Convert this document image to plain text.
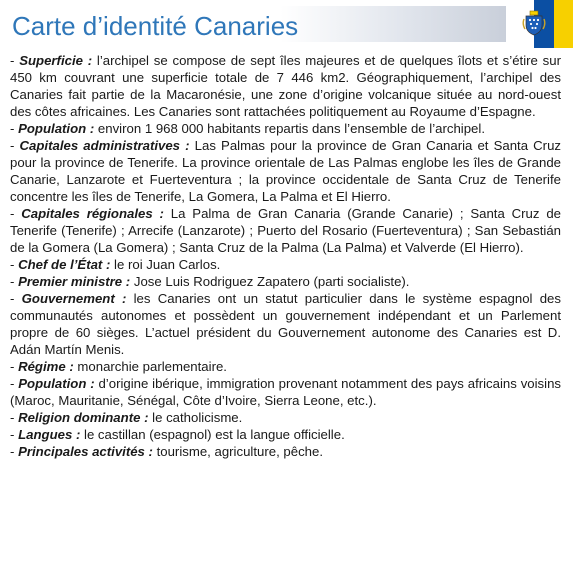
Carte d’identité Canaries
- Superficie : l’archipel se compose de sept îles majeures et de quelques îlots et s’étire sur 450 km couvrant une superficie totale de 7 446 km2. Géographiquement, l’archipel des Canaries fait partie de la Macaronésie, une zone d’origine volcanique située au nord-ouest des côtes africaines. Les Canaries sont rattachées politiquement au Royaume d’Espagne.
- Population : environ 1 968 000 habitants repartis dans l’ensemble de l’archipel.
- Capitales administratives : Las Palmas pour la province de Gran Canaria et Santa Cruz pour la province de Tenerife. La province orientale de Las Palmas englobe les îles de Grande Canarie, Lanzarote et Fuerteventura ; la province occidentale de Santa Cruz de Tenerife concentre les îles de Tenerife, La Gomera, La Palma et El Hierro.
- Capitales régionales : La Palma de Gran Canaria (Grande Canarie) ; Santa Cruz de Tenerife (Tenerife) ; Arrecife (Lanzarote) ; Puerto del Rosario (Fuerteventura) ; San Sebastián de la Gomera (La Gomera) ; Santa Cruz de la Palma (La Palma) et Valverde (El Hierro).
- Chef de l’État : le roi Juan Carlos.
- Premier ministre : Jose Luis Rodriguez Zapatero (parti socialiste).
- Gouvernement : les Canaries ont un statut particulier dans le système espagnol des communautés autonomes et possèdent un gouvernement indépendant et un Parlement propre de 60 sièges. L’actuel président du Gouvernement autonome des Canaries est D. Adán Martín Menis.
- Régime : monarchie parlementaire.
- Population : d’origine ibérique, immigration provenant notamment des pays africains voisins (Maroc, Mauritanie, Sénégal, Côte d’Ivoire, Sierra Leone, etc.).
- Religion dominante : le catholicisme.
- Langues : le castillan (espagnol) est la langue officielle.
- Principales activités : tourisme, agriculture, pêche.
